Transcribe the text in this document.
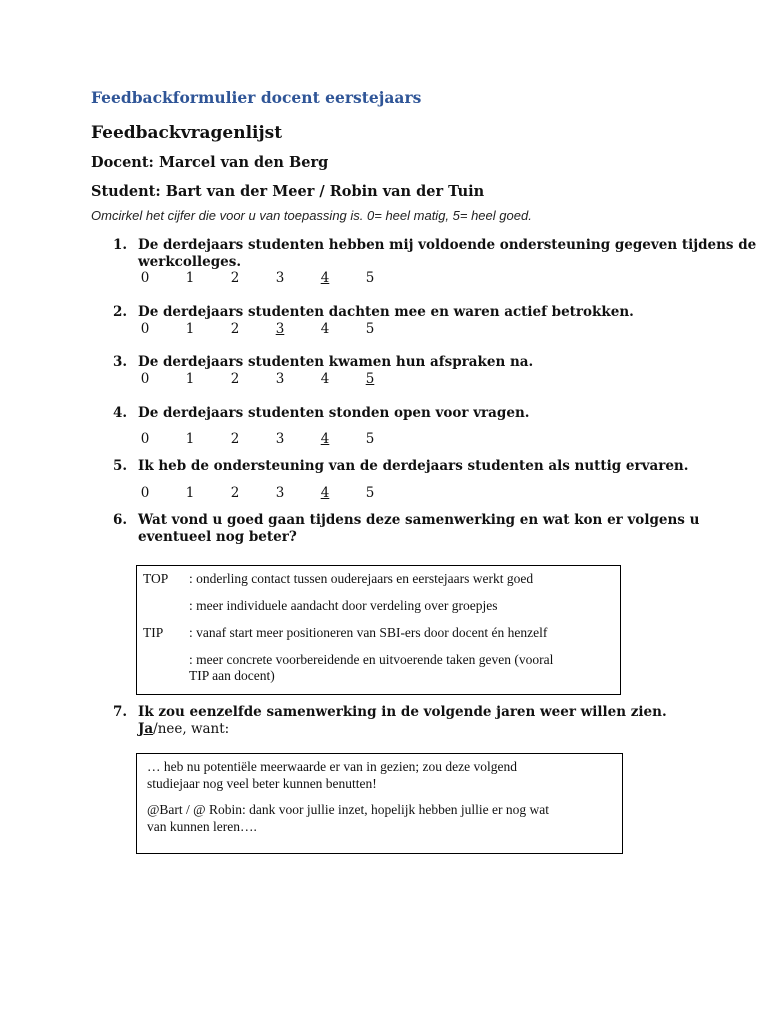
Feedbackformulier docent eerstejaars
Feedbackvragenlijst
Docent: Marcel van den Berg
Student: Bart van der Meer / Robin van der Tuin
Omcirkel het cijfer die voor u van toepassing is. 0= heel matig, 5= heel goed.
1. De derdejaars studenten hebben mij voldoende ondersteuning gegeven tijdens de
werkcolleges.
0	1	2	3	4	5
2. De derdejaars studenten dachten mee en waren actief betrokken.
0	1	2	3	4	5
3. De derdejaars studenten kwamen hun afspraken na.
0	1	2	3	4	5
4. De derdejaars studenten stonden open voor vragen.
0	1	2	3	4	5
5. Ik heb de ondersteuning van de derdejaars studenten als nuttig ervaren.
0	1	2	3	4	5
6. Wat vond u goed gaan tijdens deze samenwerking en wat kon er volgens u
eventueel nog beter?
TOP : onderling contact tussen ouderejaars en eerstejaars werkt goed
: meer individuele aandacht door verdeling over groepjes
TIP : vanaf start meer positioneren van SBI-ers door docent én henzelf
: meer concrete voorbereidende en uitvoerende taken geven (vooral
TIP aan docent)
7. Ik zou eenzelfde samenwerking in de volgende jaren weer willen zien.
Ja/nee, want:
… heb nu potentiële meerwaarde er van in gezien; zou deze volgend
studiejaar nog veel beter kunnen benutten!
@Bart / @ Robin: dank voor jullie inzet, hopelijk hebben jullie er nog wat
van kunnen leren….
